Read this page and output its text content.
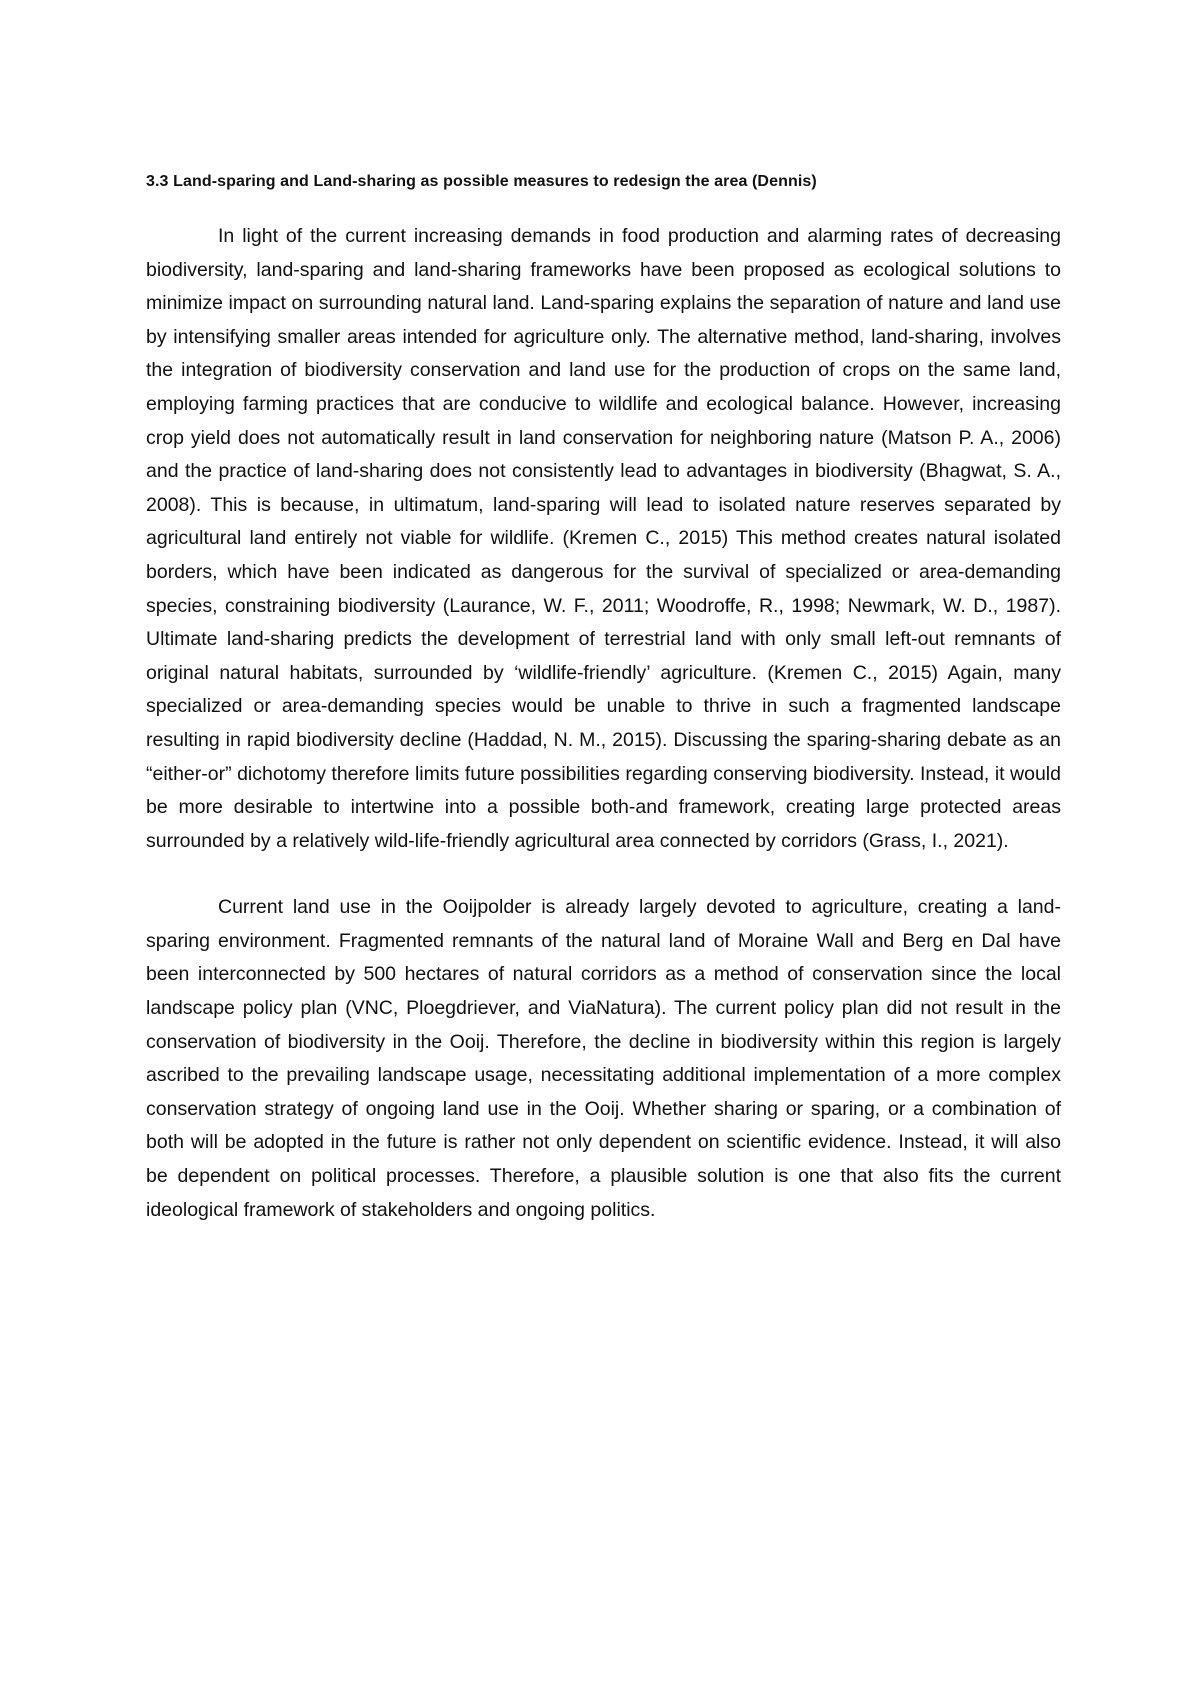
3.3 Land-sparing and Land-sharing as possible measures to redesign the area (Dennis)

In light of the current increasing demands in food production and alarming rates of decreasing biodiversity, land-sparing and land-sharing frameworks have been proposed as ecological solutions to minimize impact on surrounding natural land. Land-sparing explains the separation of nature and land use by intensifying smaller areas intended for agriculture only. The alternative method, land-sharing, involves the integration of biodiversity conservation and land use for the production of crops on the same land, employing farming practices that are conducive to wildlife and ecological balance. However, increasing crop yield does not automatically result in land conservation for neighboring nature (Matson P. A., 2006) and the practice of land-sharing does not consistently lead to advantages in biodiversity (Bhagwat, S. A., 2008). This is because, in ultimatum, land-sparing will lead to isolated nature reserves separated by agricultural land entirely not viable for wildlife. (Kremen C., 2015) This method creates natural isolated borders, which have been indicated as dangerous for the survival of specialized or area-demanding species, constraining biodiversity (Laurance, W. F., 2011; Woodroffe, R., 1998; Newmark, W. D., 1987). Ultimate land-sharing predicts the development of terrestrial land with only small left-out remnants of original natural habitats, surrounded by ‘wildlife-friendly’ agriculture. (Kremen C., 2015) Again, many specialized or area-demanding species would be unable to thrive in such a fragmented landscape resulting in rapid biodiversity decline (Haddad, N. M., 2015). Discussing the sparing-sharing debate as an “either-or” dichotomy therefore limits future possibilities regarding conserving biodiversity. Instead, it would be more desirable to intertwine into a possible both-and framework, creating large protected areas surrounded by a relatively wild-life-friendly agricultural area connected by corridors (Grass, I., 2021).

Current land use in the Ooijpolder is already largely devoted to agriculture, creating a land-sparing environment. Fragmented remnants of the natural land of Moraine Wall and Berg en Dal have been interconnected by 500 hectares of natural corridors as a method of conservation since the local landscape policy plan (VNC, Ploegdriever, and ViaNatura). The current policy plan did not result in the conservation of biodiversity in the Ooij. Therefore, the decline in biodiversity within this region is largely ascribed to the prevailing landscape usage, necessitating additional implementation of a more complex conservation strategy of ongoing land use in the Ooij. Whether sharing or sparing, or a combination of both will be adopted in the future is rather not only dependent on scientific evidence. Instead, it will also be dependent on political processes. Therefore, a plausible solution is one that also fits the current ideological framework of stakeholders and ongoing politics.
